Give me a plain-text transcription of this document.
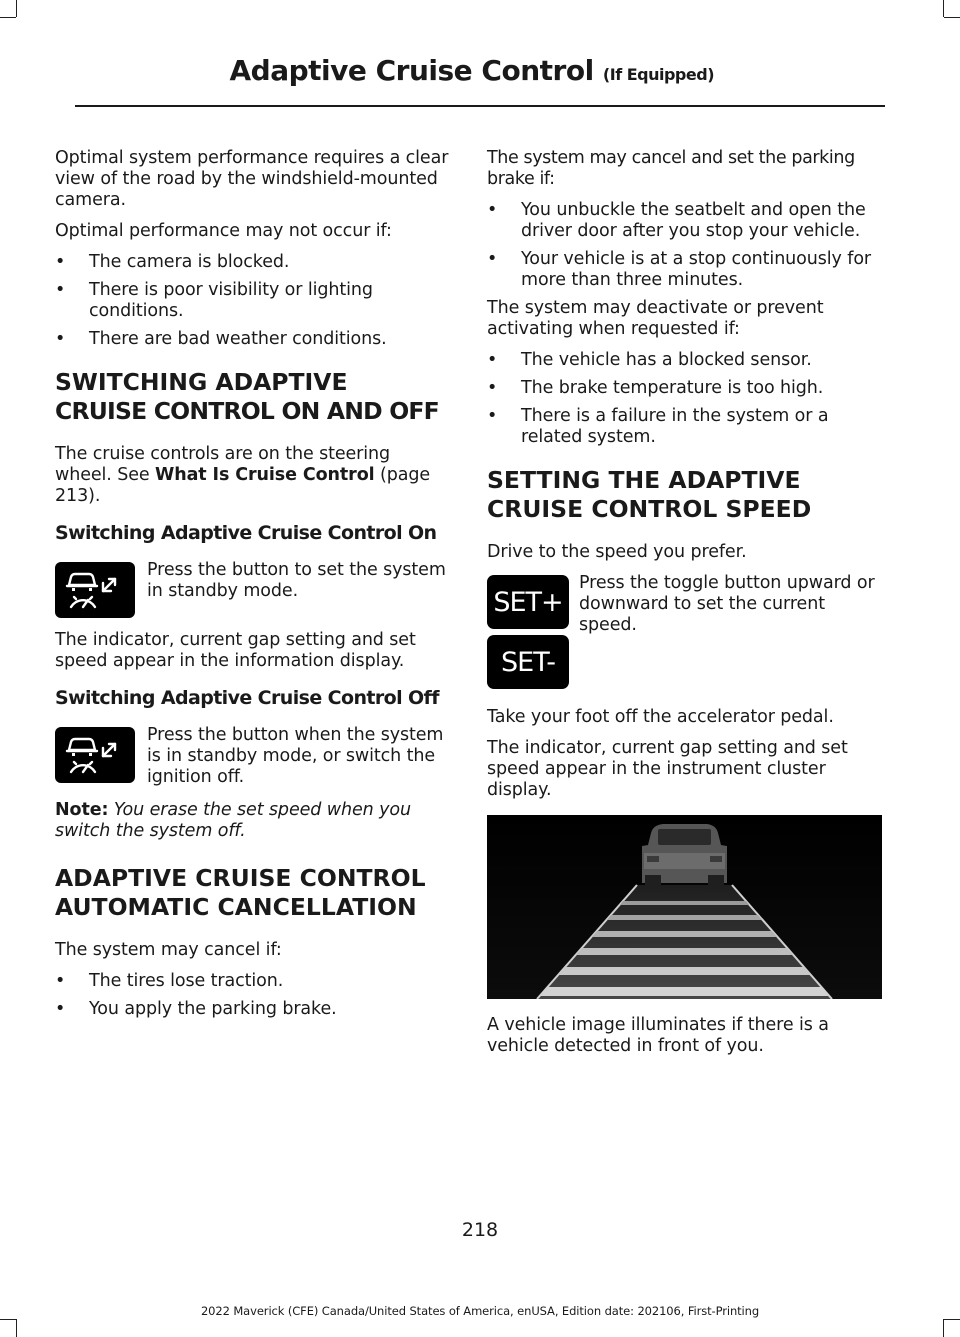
Adaptive Cruise Control (If Equipped)

Optimal system performance requires a clear view of the road by the windshield-mounted camera.

Optimal performance may not occur if:

• The camera is blocked.
• There is poor visibility or lighting conditions.
• There are bad weather conditions.
SWITCHING ADAPTIVE
CRUISE CONTROL ON AND OFF

The cruise controls are on the steering wheel. See What Is Cruise Control (page 213).

Switching Adaptive Cruise Control On
Press the button to set the system in standby mode.

The indicator, current gap setting and set speed appear in the information display.

Switching Adaptive Cruise Control Off
Press the button when the system is in standby mode, or switch the ignition off.

Note: You erase the set speed when you switch the system off.

ADAPTIVE CRUISE CONTROL
AUTOMATIC CANCELLATION

The system may cancel if:

• The tires lose traction.
• You apply the parking brake.

The system may cancel and set the parking brake if:

• You unbuckle the seatbelt and open the driver door after you stop your vehicle.
• Your vehicle is at a stop continuously for more than three minutes.

The system may deactivate or prevent activating when requested if:

• The vehicle has a blocked sensor.
• The brake temperature is too high.
• There is a failure in the system or a related system.
SETTING THE ADAPTIVE
CRUISE CONTROL SPEED

Drive to the speed you prefer.

SET+
SET-
Press the toggle button upward or downward to set the current speed.

Take your foot off the accelerator pedal.

The indicator, current gap setting and set speed appear in the instrument cluster display.

A vehicle image illuminates if there is a vehicle detected in front of you.

218
2022 Maverick (CFE) Canada/United States of America, enUSA, Edition date: 202106, First-Printing
